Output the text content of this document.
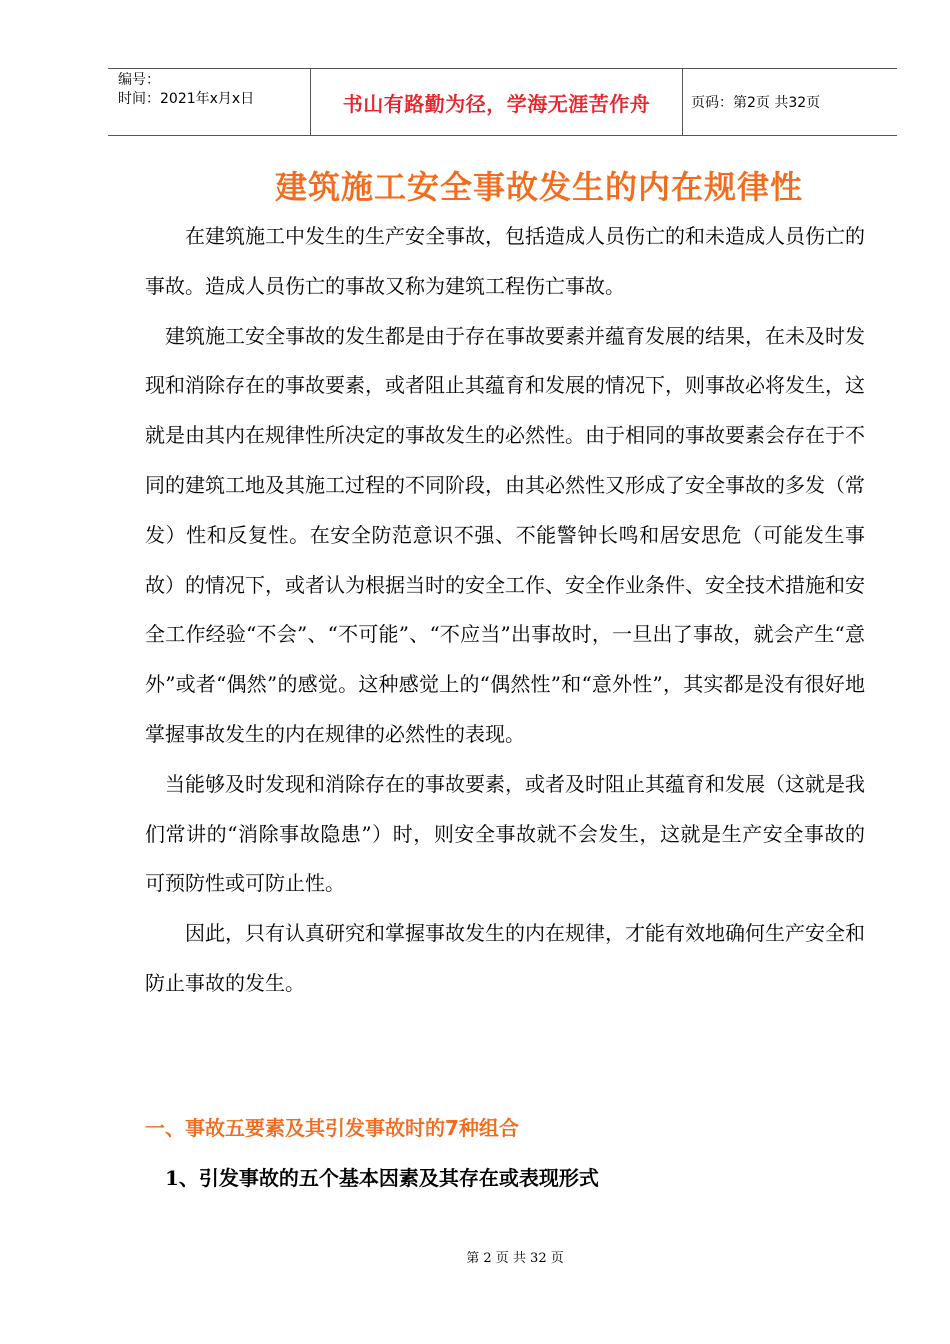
编号：
时间：2021年x月x日	书山有路勤为径，学海无涯苦作舟	页码：第2页 共32页
建筑施工安全事故发生的内在规律性

在建筑施工中发生的生产安全事故，包括造成人员伤亡的和未造成人员伤亡的事故。造成人员伤亡的事故又称为建筑工程伤亡事故。

建筑施工安全事故的发生都是由于存在事故要素并蕴育发展的结果，在未及时发现和消除存在的事故要素，或者阻止其蕴育和发展的情况下，则事故必将发生，这就是由其内在规律性所决定的事故发生的必然性。由于相同的事故要素会存在于不同的建筑工地及其施工过程的不同阶段，由其必然性又形成了安全事故的多发（常发）性和反复性。在安全防范意识不强、不能警钟长鸣和居安思危（可能发生事故）的情况下，或者认为根据当时的安全工作、安全作业条件、安全技术措施和安全工作经验“不会”、“不可能”、“不应当”出事故时，一旦出了事故，就会产生“意外”或者“偶然”的感觉。这种感觉上的“偶然性”和“意外性”，其实都是没有很好地掌握事故发生的内在规律的必然性的表现。

当能够及时发现和消除存在的事故要素，或者及时阻止其蕴育和发展（这就是我们常讲的“消除事故隐患”）时，则安全事故就不会发生，这就是生产安全事故的可预防性或可防止性。

因此，只有认真研究和掌握事故发生的内在规律，才能有效地确何生产安全和防止事故的发生。

一、事故五要素及其引发事故时的7种组合
1、引发事故的五个基本因素及其存在或表现形式
第 2 页 共 32 页
